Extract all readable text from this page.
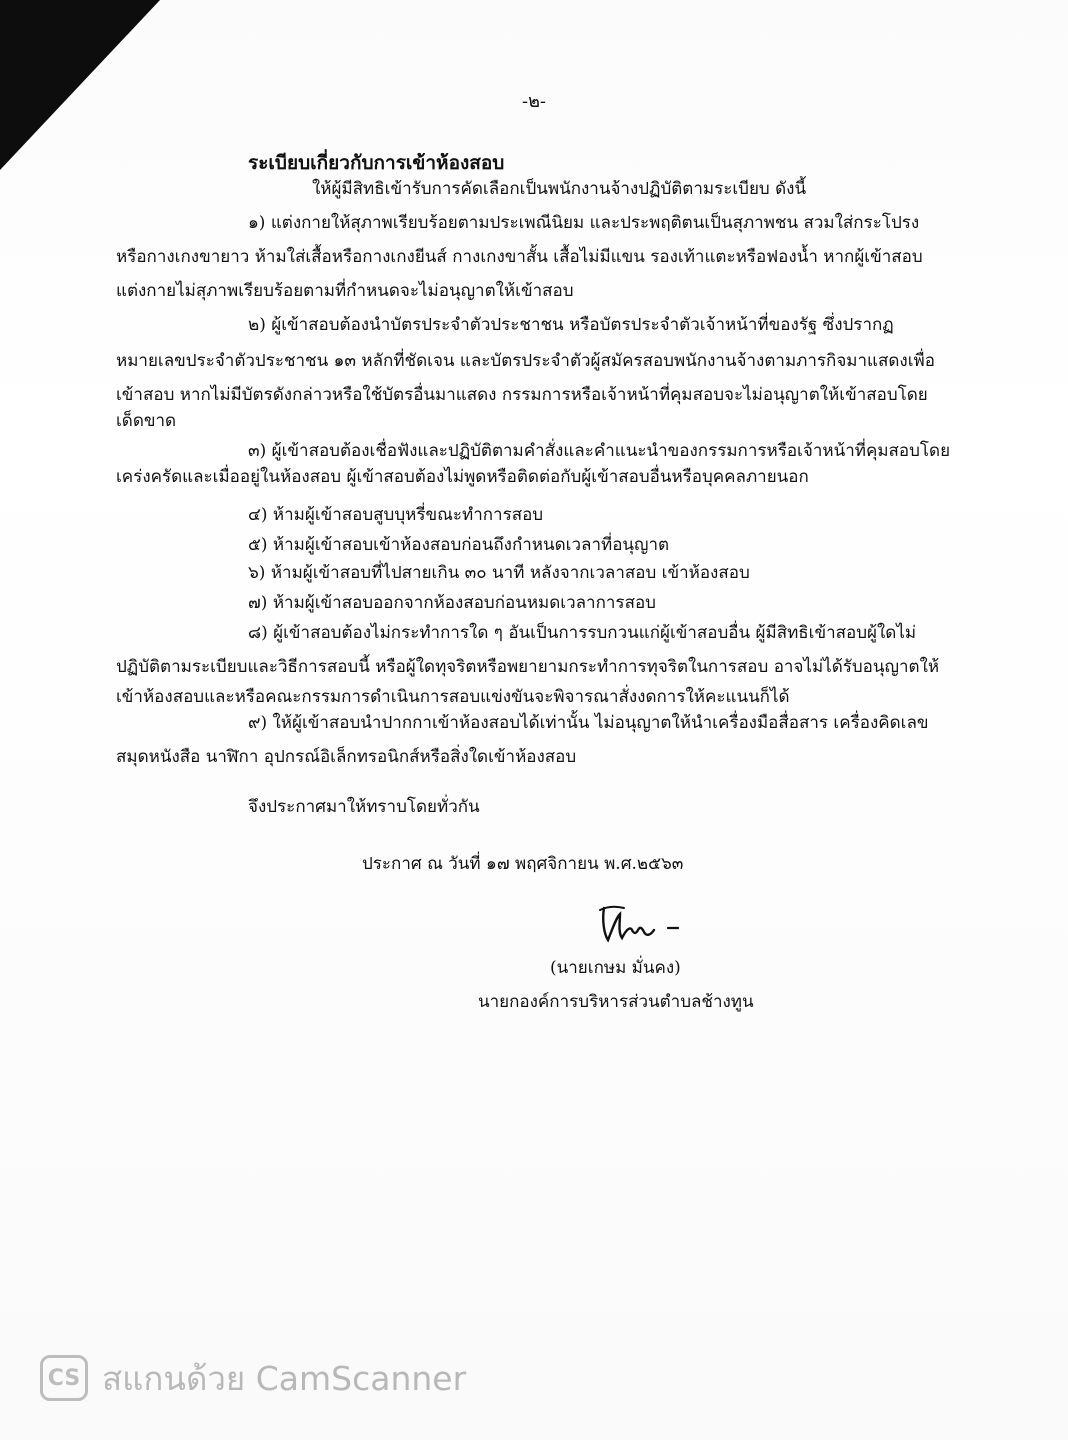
-๒-
ระเบียบเกี่ยวกับการเข้าห้องสอบ
ให้ผู้มีสิทธิเข้ารับการคัดเลือกเป็นพนักงานจ้างปฏิบัติตามระเบียบ ดังนี้
๑) แต่งกายให้สุภาพเรียบร้อยตามประเพณีนิยม และประพฤติตนเป็นสุภาพชน สวมใส่กระโปรง
หรือกางเกงขายาว ห้ามใส่เสื้อหรือกางเกงยีนส์ กางเกงขาสั้น เสื้อไม่มีแขน รองเท้าแตะหรือฟองน้ำ หากผู้เข้าสอบ
แต่งกายไม่สุภาพเรียบร้อยตามที่กำหนดจะไม่อนุญาตให้เข้าสอบ
๒) ผู้เข้าสอบต้องนำบัตรประจำตัวประชาชน หรือบัตรประจำตัวเจ้าหน้าที่ของรัฐ ซึ่งปรากฏ
หมายเลขประจำตัวประชาชน ๑๓ หลักที่ชัดเจน และบัตรประจำตัวผู้สมัครสอบพนักงานจ้างตามภารกิจมาแสดงเพื่อ
เข้าสอบ หากไม่มีบัตรดังกล่าวหรือใช้บัตรอื่นมาแสดง กรรมการหรือเจ้าหน้าที่คุมสอบจะไม่อนุญาตให้เข้าสอบโดย
เด็ดขาด
๓) ผู้เข้าสอบต้องเชื่อฟังและปฏิบัติตามคำสั่งและคำแนะนำของกรรมการหรือเจ้าหน้าที่คุมสอบโดย
เคร่งครัดและเมื่ออยู่ในห้องสอบ ผู้เข้าสอบต้องไม่พูดหรือติดต่อกับผู้เข้าสอบอื่นหรือบุคคลภายนอก
๔) ห้ามผู้เข้าสอบสูบบุหรี่ขณะทำการสอบ
๕) ห้ามผู้เข้าสอบเข้าห้องสอบก่อนถึงกำหนดเวลาที่อนุญาต
๖) ห้ามผู้เข้าสอบที่ไปสายเกิน ๓๐ นาที หลังจากเวลาสอบ เข้าห้องสอบ
๗) ห้ามผู้เข้าสอบออกจากห้องสอบก่อนหมดเวลาการสอบ
๘) ผู้เข้าสอบต้องไม่กระทำการใด ๆ อันเป็นการรบกวนแก่ผู้เข้าสอบอื่น ผู้มีสิทธิเข้าสอบผู้ใดไม่
ปฏิบัติตามระเบียบและวิธีการสอบนี้ หรือผู้ใดทุจริตหรือพยายามกระทำการทุจริตในการสอบ อาจไม่ได้รับอนุญาตให้
เข้าห้องสอบและหรือคณะกรรมการดำเนินการสอบแข่งขันจะพิจารณาสั่งงดการให้คะแนนก็ได้
๙) ให้ผู้เข้าสอบนำปากกาเข้าห้องสอบได้เท่านั้น ไม่อนุญาตให้นำเครื่องมือสื่อสาร เครื่องคิดเลข
สมุดหนังสือ นาฬิกา อุปกรณ์อิเล็กทรอนิกส์หรือสิ่งใดเข้าห้องสอบ
จึงประกาศมาให้ทราบโดยทั่วกัน
ประกาศ ณ วันที่ ๑๗ พฤศจิกายน พ.ศ.๒๕๖๓
(นายเกษม มั่นคง)
นายกองค์การบริหารส่วนตำบลช้างทูน
CS สแกนด้วย CamScanner
